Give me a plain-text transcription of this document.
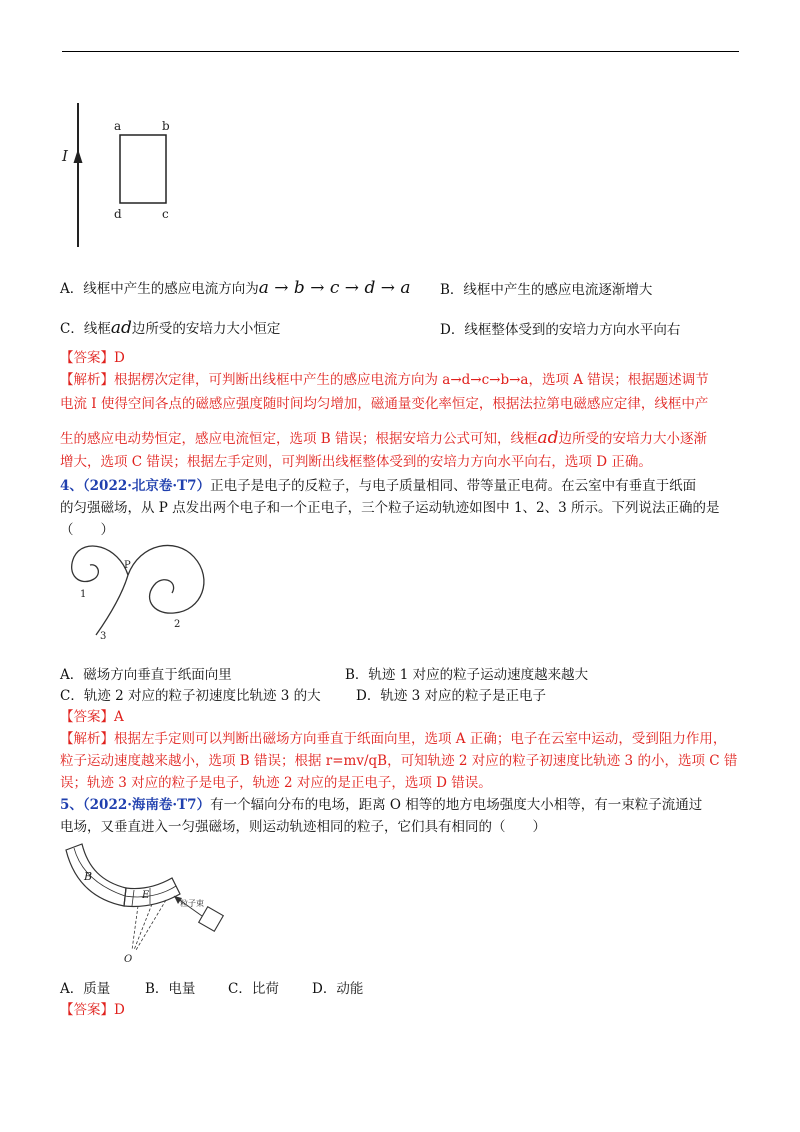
I
a	b
d	c
A．线框中产生的感应电流方向为a → b → c → d → a B．线框中产生的感应电流逐渐增大
C．线框ad边所受的安培力大小恒定	D．线框整体受到的安培力方向水平向右
【答案】D
【解析】根据楞次定律，可判断出线框中产生的感应电流方向为 a→d→c→b→a，选项 A 错误；根据题述调节
电流 I 使得空间各点的磁感应强度随时间均匀增加，磁通量变化率恒定，根据法拉第电磁感应定律，线框中产
生的感应电动势恒定，感应电流恒定，选项 B 错误；根据安培力公式可知，线框ad边所受的安培力大小逐渐
增大，选项 C 错误；根据左手定则，可判断出线框整体受到的安培力方向水平向右，选项 D 正确。
4、（2022·北京卷·T7）正电子是电子的反粒子，与电子质量相同、带等量正电荷。在云室中有垂直于纸面
的匀强磁场，从 P 点发出两个电子和一个正电子，三个粒子运动轨迹如图中 1、2、3 所示。下列说法正确的是
（　　）
P
1
2
3
A．磁场方向垂直于纸面向里	B．轨迹 1 对应的粒子运动速度越来越大
C．轨迹 2 对应的粒子初速度比轨迹 3 的大	D．轨迹 3 对应的粒子是正电子
【答案】A
【解析】根据左手定则可以判断出磁场方向垂直于纸面向里，选项 A 正确；电子在云室中运动，受到阻力作用，
粒子运动速度越来越小，选项 B 错误；根据 r=mv/qB，可知轨迹 2 对应的粒子初速度比轨迹 3 的小，选项 C 错
误；轨迹 3 对应的粒子是电子，轨迹 2 对应的是正电子，选项 D 错误。
5、（2022·海南卷·T7）有一个辐向分布的电场，距离 O 相等的地方电场强度大小相等，有一束粒子流通过
电场，又垂直进入一匀强磁场，则运动轨迹相同的粒子，它们具有相同的（　　）
B
E
O
粒子束
A．质量	B．电量 C．比荷 D．动能
【答案】D
